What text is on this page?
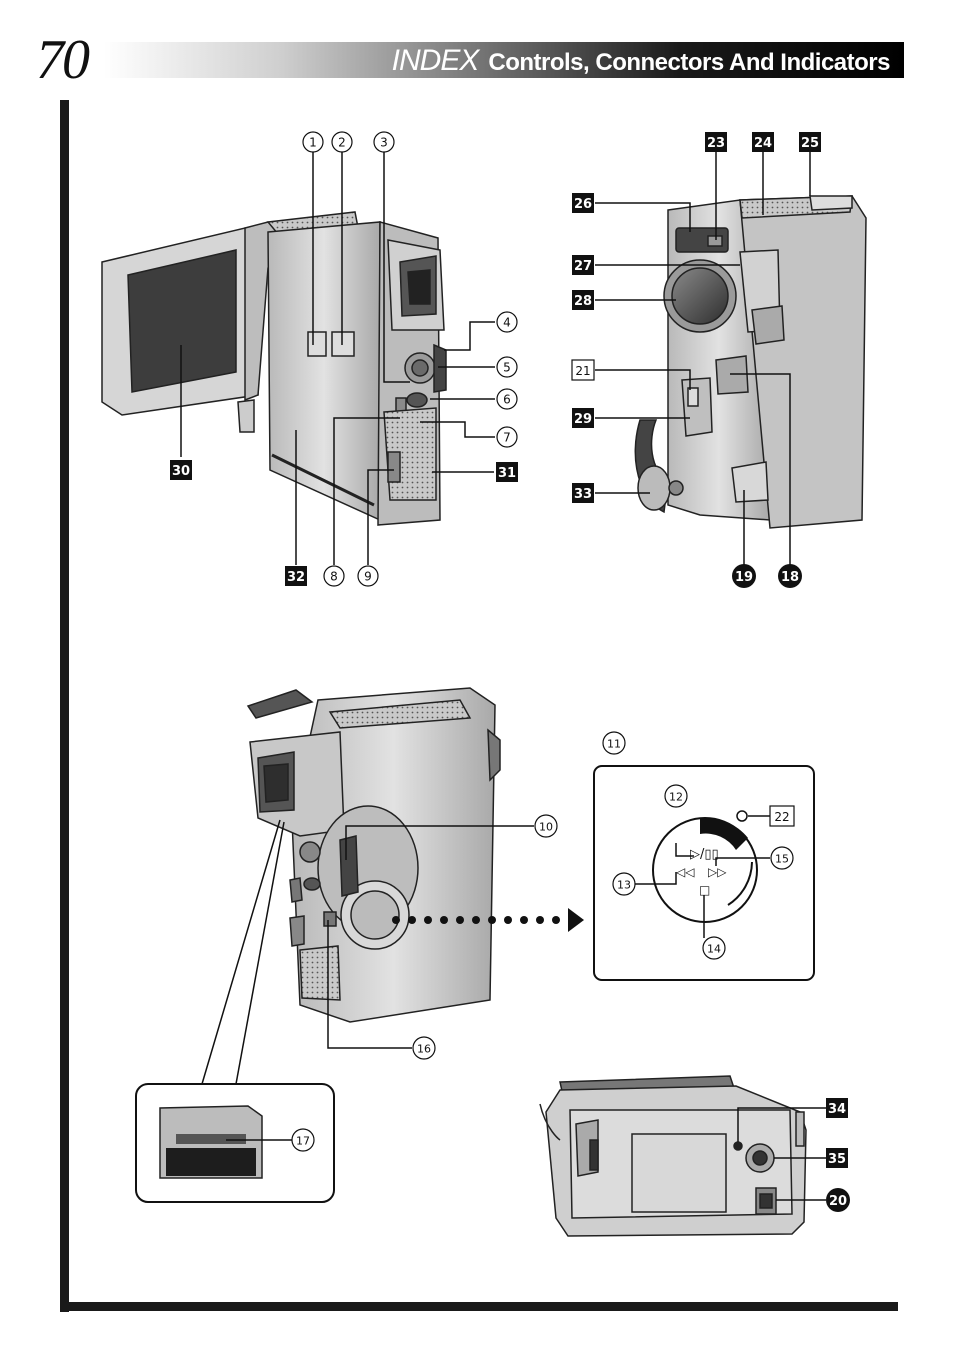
70	INDEX Controls, Connectors And Indicators
▷/▯▯
◁◁ ▷▷
□
1 2	3
4
5
6
7
8 9
10
11
12
13
14
15
16
17
21
22
23 24 25
26
27
28
29
30	31
32
33
34
35
19 18
20
